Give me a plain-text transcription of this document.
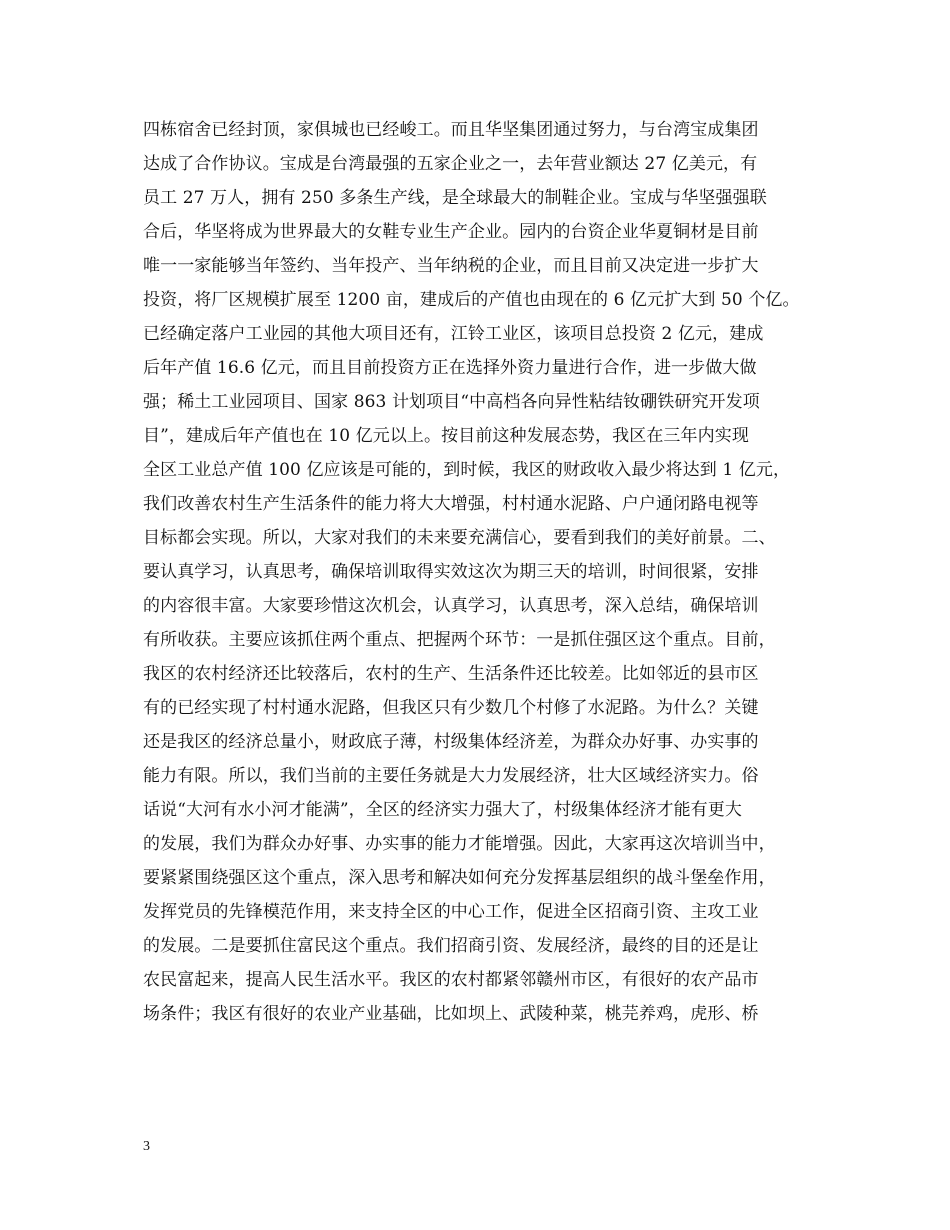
四栋宿舍已经封顶，家俱城也已经峻工。而且华坚集团通过努力，与台湾宝成集团
达成了合作协议。宝成是台湾最强的五家企业之一，去年营业额达 27 亿美元，有
员工 27 万人，拥有 250 多条生产线，是全球最大的制鞋企业。宝成与华坚强强联
合后，华坚将成为世界最大的女鞋专业生产企业。园内的台资企业华夏铜材是目前
唯一一家能够当年签约、当年投产、当年纳税的企业，而且目前又决定进一步扩大
投资，将厂区规模扩展至 1200 亩，建成后的产值也由现在的 6 亿元扩大到 50 个亿。
已经确定落户工业园的其他大项目还有，江铃工业区，该项目总投资 2 亿元，建成
后年产值 16.6 亿元，而且目前投资方正在选择外资力量进行合作，进一步做大做
强；稀土工业园项目、国家 863 计划项目“中高档各向异性粘结钕硼铁研究开发项
目”，建成后年产值也在 10 亿元以上。按目前这种发展态势，我区在三年内实现
全区工业总产值 100 亿应该是可能的，到时候，我区的财政收入最少将达到 1 亿元，
我们改善农村生产生活条件的能力将大大增强，村村通水泥路、户户通闭路电视等
目标都会实现。所以，大家对我们的未来要充满信心，要看到我们的美好前景。二、
要认真学习，认真思考，确保培训取得实效这次为期三天的培训，时间很紧，安排
的内容很丰富。大家要珍惜这次机会，认真学习，认真思考，深入总结，确保培训
有所收获。主要应该抓住两个重点、把握两个环节：一是抓住强区这个重点。目前，
我区的农村经济还比较落后，农村的生产、生活条件还比较差。比如邻近的县市区
有的已经实现了村村通水泥路，但我区只有少数几个村修了水泥路。为什么？关键
还是我区的经济总量小，财政底子薄，村级集体经济差，为群众办好事、办实事的
能力有限。所以，我们当前的主要任务就是大力发展经济，壮大区域经济实力。俗
话说“大河有水小河才能满”，全区的经济实力强大了，村级集体经济才能有更大
的发展，我们为群众办好事、办实事的能力才能增强。因此，大家再这次培训当中，
要紧紧围绕强区这个重点，深入思考和解决如何充分发挥基层组织的战斗堡垒作用，
发挥党员的先锋模范作用，来支持全区的中心工作，促进全区招商引资、主攻工业
的发展。二是要抓住富民这个重点。我们招商引资、发展经济，最终的目的还是让
农民富起来，提高人民生活水平。我区的农村都紧邻赣州市区，有很好的农产品市
场条件；我区有很好的农业产业基础，比如坝上、武陵种菜，桃芫养鸡，虎形、桥
3
